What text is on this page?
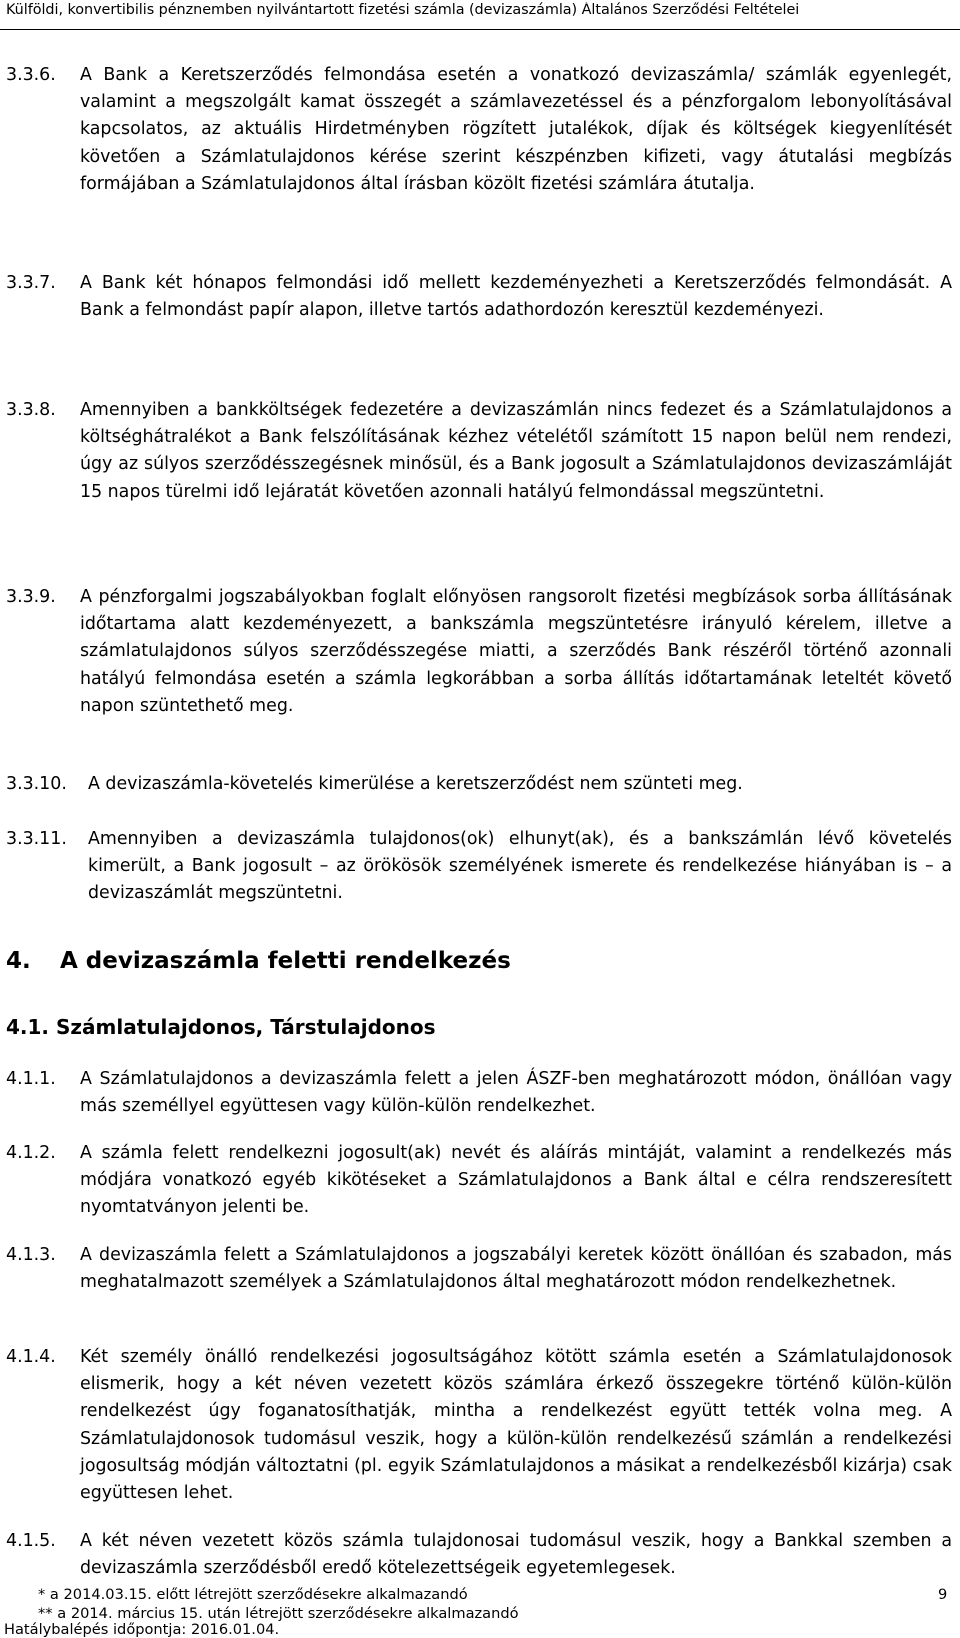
Külföldi, konvertibilis pénznemben nyilvántartott fizetési számla (devizaszámla) Általános Szerződési Feltételei
3.3.6. A Bank a Keretszerződés felmondása esetén a vonatkozó devizaszámla/ számlák egyenlegét, valamint a megszolgált kamat összegét a számlavezetéssel és a pénzforgalom lebonyolításával kapcsolatos, az aktuális Hirdetményben rögzített jutalékok, díjak és költségek kiegyenlítését követően a Számlatulajdonos kérése szerint készpénzben kifizeti, vagy átutalási megbízás formájában a Számlatulajdonos által írásban közölt fizetési számlára átutalja.
3.3.7. A Bank két hónapos felmondási idő mellett kezdeményezheti a Keretszerződés felmondását. A Bank a felmondást papír alapon, illetve tartós adathordozón keresztül kezdeményezi.
3.3.8. Amennyiben a bankköltségek fedezetére a devizaszámlán nincs fedezet és a Számlatulajdonos a költséghátralékot a Bank felszólításának kézhez vételétől számított 15 napon belül nem rendezi, úgy az súlyos szerződésszegésnek minősül, és a Bank jogosult a Számlatulajdonos devizaszámláját 15 napos türelmi idő lejáratát követően azonnali hatályú felmondással megszüntetni.
3.3.9. A pénzforgalmi jogszabályokban foglalt előnyösen rangsorolt fizetési megbízások sorba állításának időtartama alatt kezdeményezett, a bankszámla megszüntetésre irányuló kérelem, illetve a számlatulajdonos súlyos szerződésszegése miatti, a szerződés Bank részéről történő azonnali hatályú felmondása esetén a számla legkorábban a sorba állítás időtartamának leteltét követő napon szüntethető meg.
3.3.10. A devizaszámla-követelés kimerülése a keretszerződést nem szünteti meg.
3.3.11. Amennyiben a devizaszámla tulajdonos(ok) elhunyt(ak), és a bankszámlán lévő követelés kimerült, a Bank jogosult – az örökösök személyének ismerete és rendelkezése hiányában is – a devizaszámlát megszüntetni.
4. A devizaszámla feletti rendelkezés
4.1. Számlatulajdonos, Társtulajdonos
4.1.1. A Számlatulajdonos a devizaszámla felett a jelen ÁSZF-ben meghatározott módon, önállóan vagy más személlyel együttesen vagy külön-külön rendelkezhet.
4.1.2. A számla felett rendelkezni jogosult(ak) nevét és aláírás mintáját, valamint a rendelkezés más módjára vonatkozó egyéb kikötéseket a Számlatulajdonos a Bank által e célra rendszeresített nyomtatványon jelenti be.
4.1.3. A devizaszámla felett a Számlatulajdonos a jogszabályi keretek között önállóan és szabadon, más meghatalmazott személyek a Számlatulajdonos által meghatározott módon rendelkezhetnek.
4.1.4. Két személy önálló rendelkezési jogosultságához kötött számla esetén a Számlatulajdonosok elismerik, hogy a két néven vezetett közös számlára érkező összegekre történő külön-külön rendelkezést úgy foganatosíthatják, mintha a rendelkezést együtt tették volna meg. A Számlatulajdonosok tudomásul veszik, hogy a külön-külön rendelkezésű számlán a rendelkezési jogosultság módján változtatni (pl. egyik Számlatulajdonos a másikat a rendelkezésből kizárja) csak együttesen lehet.
4.1.5. A két néven vezetett közös számla tulajdonosai tudomásul veszik, hogy a Bankkal szemben a devizaszámla szerződésből eredő kötelezettségeik egyetemlegesek.
* a 2014.03.15. előtt létrejött szerződésekre alkalmazandó
** a 2014. március 15. után létrejött szerződésekre alkalmazandó
Hatálybalépés időpontja: 2016.01.04.
9
